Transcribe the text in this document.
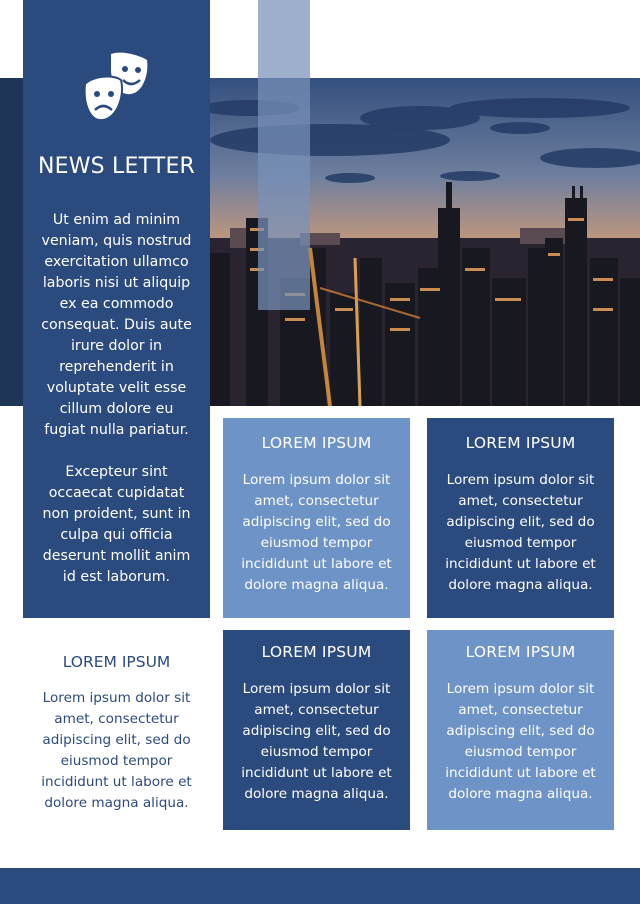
NEWS LETTER

Ut enim ad minim veniam, quis nostrud exercitation ullamco laboris nisi ut aliquip ex ea commodo consequat. Duis aute irure dolor in reprehenderit in voluptate velit esse cillum dolore eu fugiat nulla pariatur.

Excepteur sint occaecat cupidatat non proident, sunt in culpa qui officia deserunt mollit anim id est laborum.

LOREM IPSUM
Lorem ipsum dolor sit amet, consectetur adipiscing elit, sed do eiusmod tempor incididunt ut labore et dolore magna aliqua.
LOREM IPSUM
Lorem ipsum dolor sit amet, consectetur adipiscing elit, sed do eiusmod tempor incididunt ut labore et dolore magna aliqua.
LOREM IPSUM
Lorem ipsum dolor sit amet, consectetur adipiscing elit, sed do eiusmod tempor incididunt ut labore et dolore magna aliqua.
LOREM IPSUM
Lorem ipsum dolor sit amet, consectetur adipiscing elit, sed do eiusmod tempor incididunt ut labore et dolore magna aliqua.
LOREM IPSUM
Lorem ipsum dolor sit amet, consectetur adipiscing elit, sed do eiusmod tempor incididunt ut labore et dolore magna aliqua.
